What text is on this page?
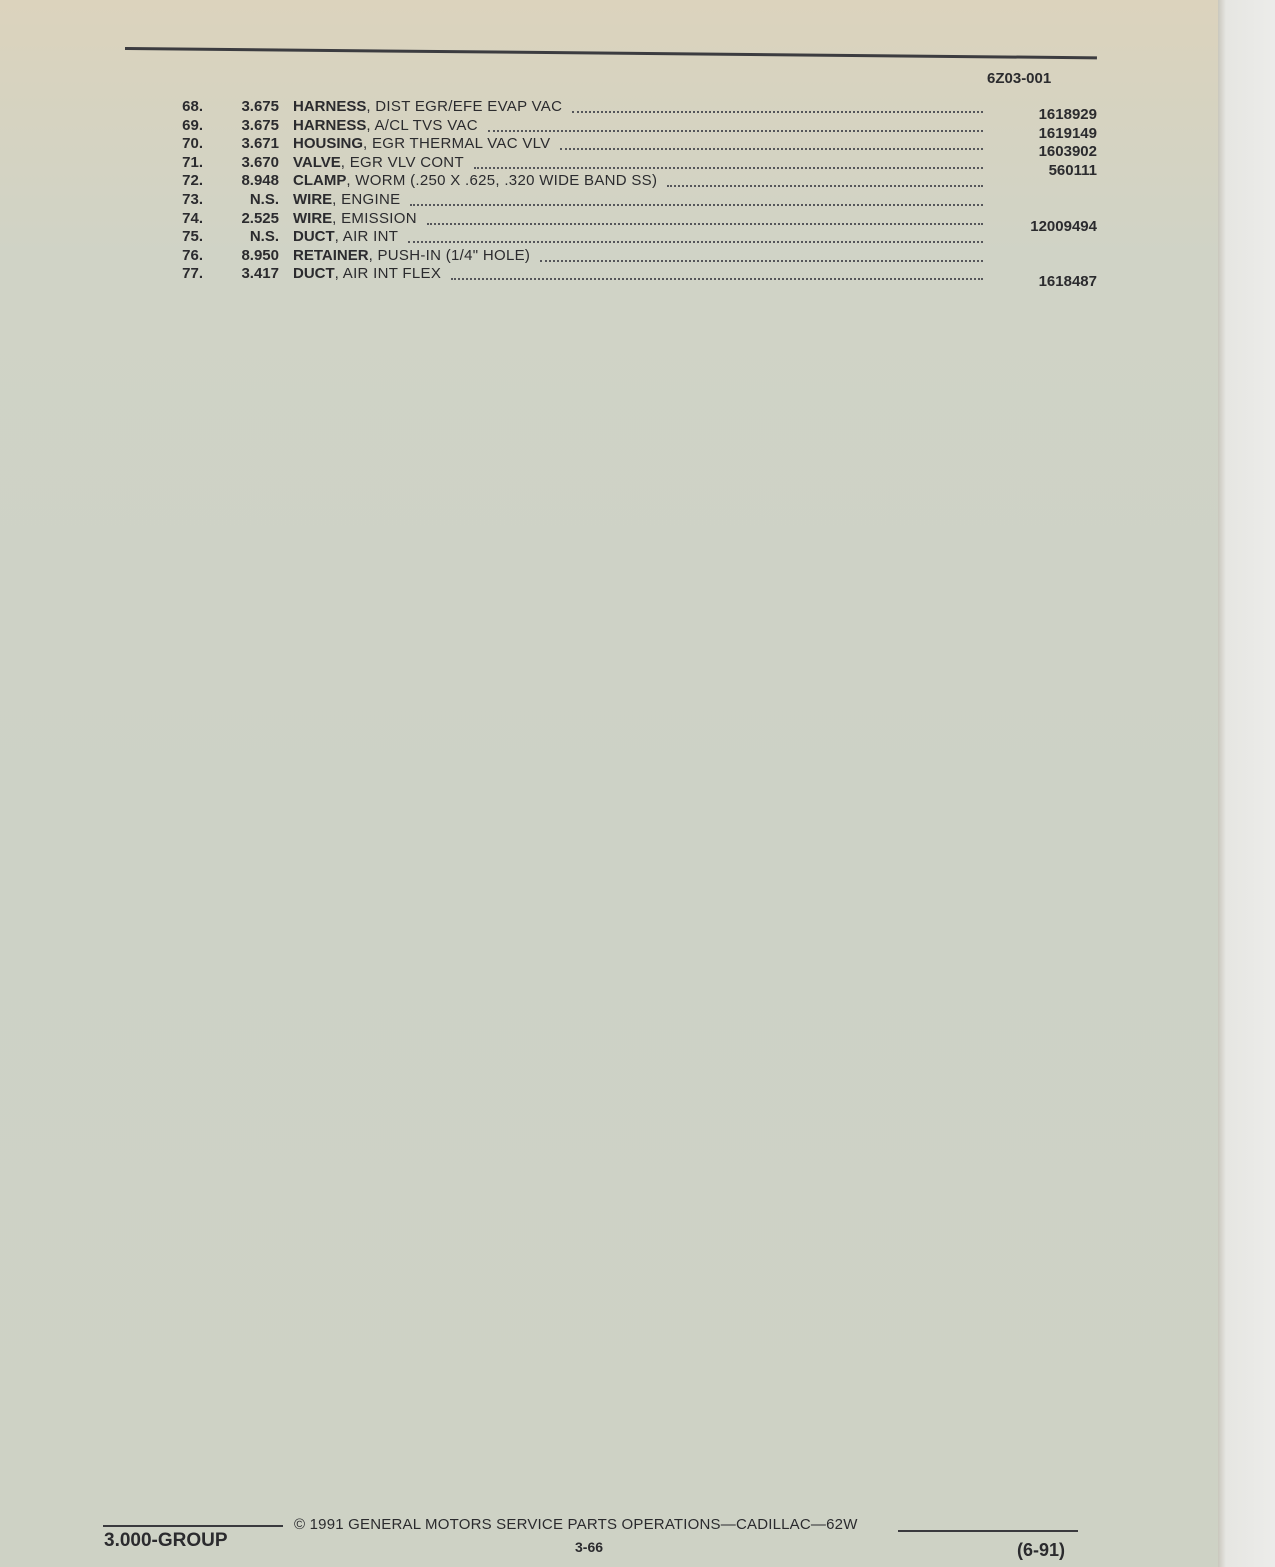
6Z03-001
68.	3.675 HARNESS , DIST EGR/EFE EVAP VAC	1618929
69.	3.675 HARNESS , A/CL TVS VAC	1619149
70.	3.671 HOUSING , EGR THERMAL VAC VLV	1603902
71.	3.670 VALVE , EGR VLV CONT	560111
72.	8.948 CLAMP , WORM (.250 X .625, .320 WIDE BAND SS)
73.	N.S. WIRE , ENGINE
74.	2.525 WIRE , EMISSION	12009494
75.	N.S. DUCT , AIR INT
76.	8.950 RETAINER , PUSH-IN (1/4" HOLE)
77.	3.417 DUCT , AIR INT FLEX	1618487
3.000-GROUP
© 1991 GENERAL MOTORS SERVICE PARTS OPERATIONS—CADILLAC—62W
3-66	(6-91)
